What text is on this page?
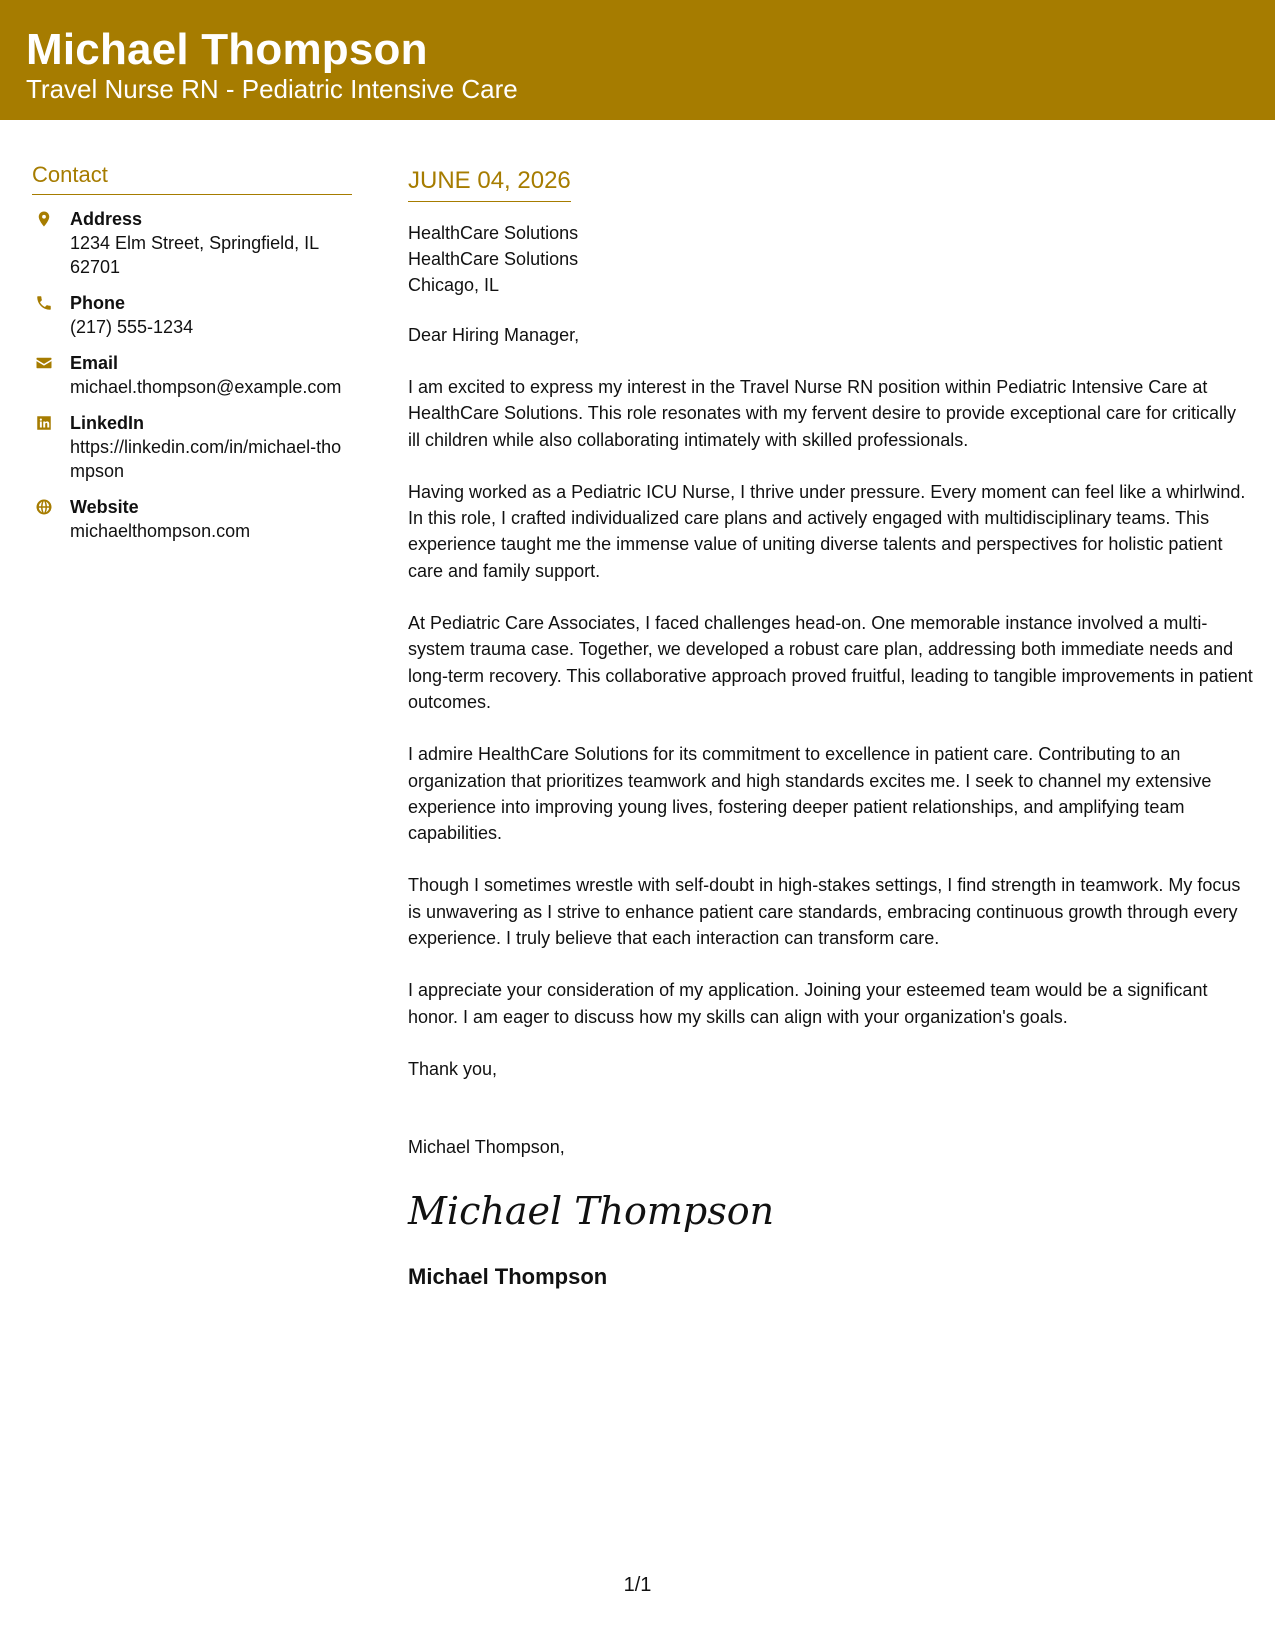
Michael Thompson
Travel Nurse RN - Pediatric Intensive Care
Contact
Address
1234 Elm Street, Springfield, IL 62701
Phone
(217) 555-1234
Email
michael.thompson@example.com
LinkedIn
https://linkedin.com/in/michael-thompson
Website
michaelthompson.com
JUNE 04, 2026
HealthCare Solutions
HealthCare Solutions
Chicago, IL
Dear Hiring Manager,
I am excited to express my interest in the Travel Nurse RN position within Pediatric Intensive Care at HealthCare Solutions. This role resonates with my fervent desire to provide exceptional care for critically ill children while also collaborating intimately with skilled professionals.
Having worked as a Pediatric ICU Nurse, I thrive under pressure. Every moment can feel like a whirlwind. In this role, I crafted individualized care plans and actively engaged with multidisciplinary teams. This experience taught me the immense value of uniting diverse talents and perspectives for holistic patient care and family support.
At Pediatric Care Associates, I faced challenges head-on. One memorable instance involved a multi-system trauma case. Together, we developed a robust care plan, addressing both immediate needs and long-term recovery. This collaborative approach proved fruitful, leading to tangible improvements in patient outcomes.
I admire HealthCare Solutions for its commitment to excellence in patient care. Contributing to an organization that prioritizes teamwork and high standards excites me. I seek to channel my extensive experience into improving young lives, fostering deeper patient relationships, and amplifying team capabilities.
Though I sometimes wrestle with self-doubt in high-stakes settings, I find strength in teamwork. My focus is unwavering as I strive to enhance patient care standards, embracing continuous growth through every experience. I truly believe that each interaction can transform care.
I appreciate your consideration of my application. Joining your esteemed team would be a significant honor. I am eager to discuss how my skills can align with your organization's goals.
Thank you,
Michael Thompson,
Michael Thompson
Michael Thompson
1/1
